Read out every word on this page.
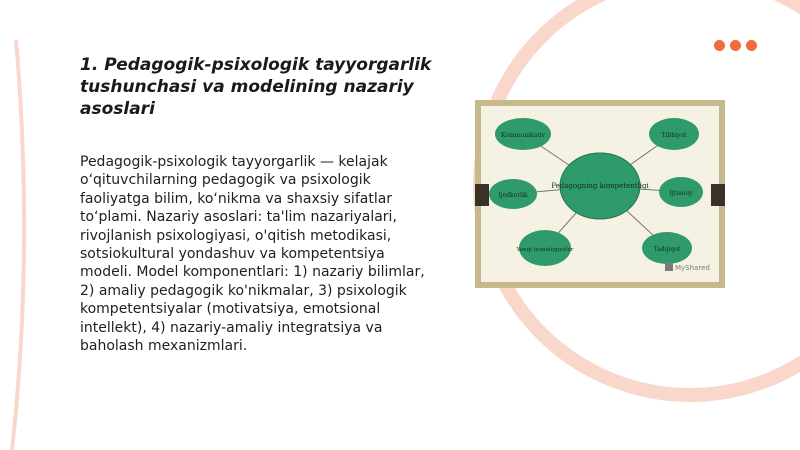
1. Pedagogik-psixologik tayyorgarlik tushunchasi va modelining nazariy asoslari

Pedagogik-psixologik tayyorgarlik — kelajak o‘qituvchilarning pedagogik va psixologik faoliyatga bilim, ko‘nikma va shaxsiy sifatlar to‘plami. Nazariy asoslari: ta'lim nazariyalari, rivojlanish psixologiyasi, o'qitish metodikasi, sotsiokultural yondashuv va kompetentsiya modeli. Model komponentlari: 1) nazariy bilimlar, 2) amaliy pedagogik ko'nikmalar, 3) psixologik kompetentsiyalar (motivatsiya, emotsional intellekt), 4) nazariy-amaliy integratsiya va baholash mexanizmlari.

Kommunikativ	Tibbiyot
Ijodkorlik	Ijtimoiy
Yangi texnologiyalar	Tadqiqot
Pedagogning kompetentligi
MyShared
